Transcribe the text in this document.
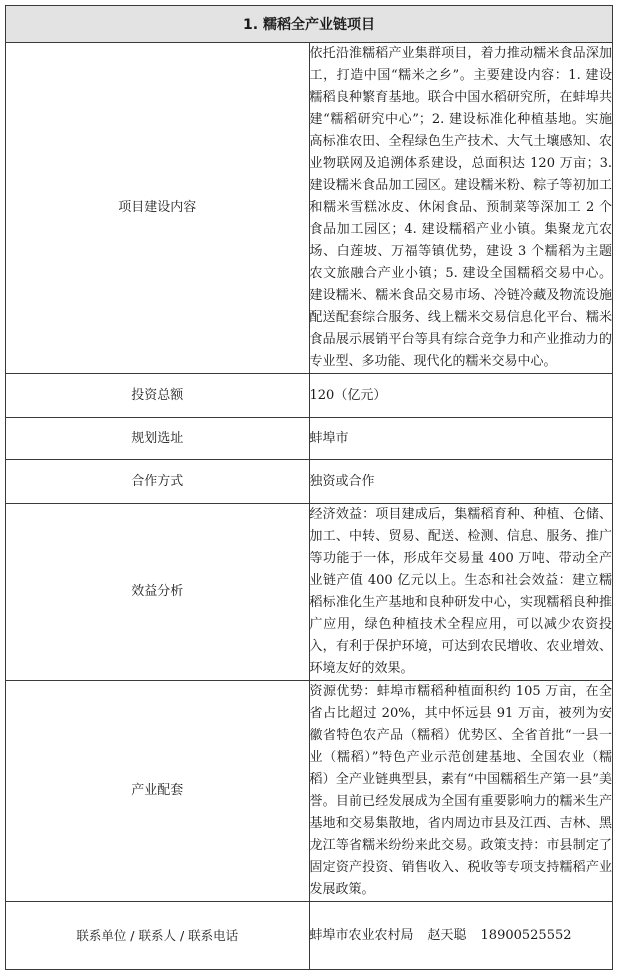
1. 糯稻全产业链项目	
项目建设内容	依托沿淮糯稻产业集群项目，着力推动糯米食品深加工，打造中国“糯米之乡”。主要建设内容：1. 建设糯稻良种繁育基地。联合中国水稻研究所，在蚌埠共建“糯稻研究中心”；2. 建设标准化种植基地。实施高标准农田、全程绿色生产技术、大气土壤感知、农业物联网及追溯体系建设，总面积达 120 万亩；3. 建设糯米食品加工园区。建设糯米粉、粽子等初加工和糯米雪糕冰皮、休闲食品、预制菜等深加工 2 个食品加工园区；4. 建设糯稻产业小镇。集聚龙亢农场、白莲坡、万福等镇优势，建设 3 个糯稻为主题农文旅融合产业小镇；5. 建设全国糯稻交易中心。建设糯米、糯米食品交易市场、冷链冷藏及物流设施配送配套综合服务、线上糯米交易信息化平台、糯米食品展示展销平台等具有综合竞争力和产业推动力的专业型、多功能、现代化的糯米交易中心。
投资总额	120（亿元）
规划选址	蚌埠市
合作方式	独资或合作
效益分析	经济效益：项目建成后，集糯稻育种、种植、仓储、加工、中转、贸易、配送、检测、信息、服务、推广等功能于一体，形成年交易量 400 万吨、带动全产业链产值 400 亿元以上。生态和社会效益：建立糯稻标准化生产基地和良种研发中心，实现糯稻良种推广应用，绿色种植技术全程应用，可以减少农资投入，有利于保护环境，可达到农民增收、农业增效、环境友好的效果。
产业配套	资源优势：蚌埠市糯稻种植面积约 105 万亩，在全省占比超过 20%，其中怀远县 91 万亩，被列为安徽省特色农产品（糯稻）优势区、全省首批“一县一业（糯稻）”特色产业示范创建基地、全国农业（糯稻）全产业链典型县，素有“中国糯稻生产第一县”美誉。目前已经发展成为全国有重要影响力的糯米生产基地和交易集散地，省内周边市县及江西、吉林、黑龙江等省糯米纷纷来此交易。政策支持：市县制定了固定资产投资、销售收入、税收等专项支持糯稻产业发展政策。
联系单位 / 联系人 / 联系电话	蚌埠市农业农村局 赵天聪 18900525552
